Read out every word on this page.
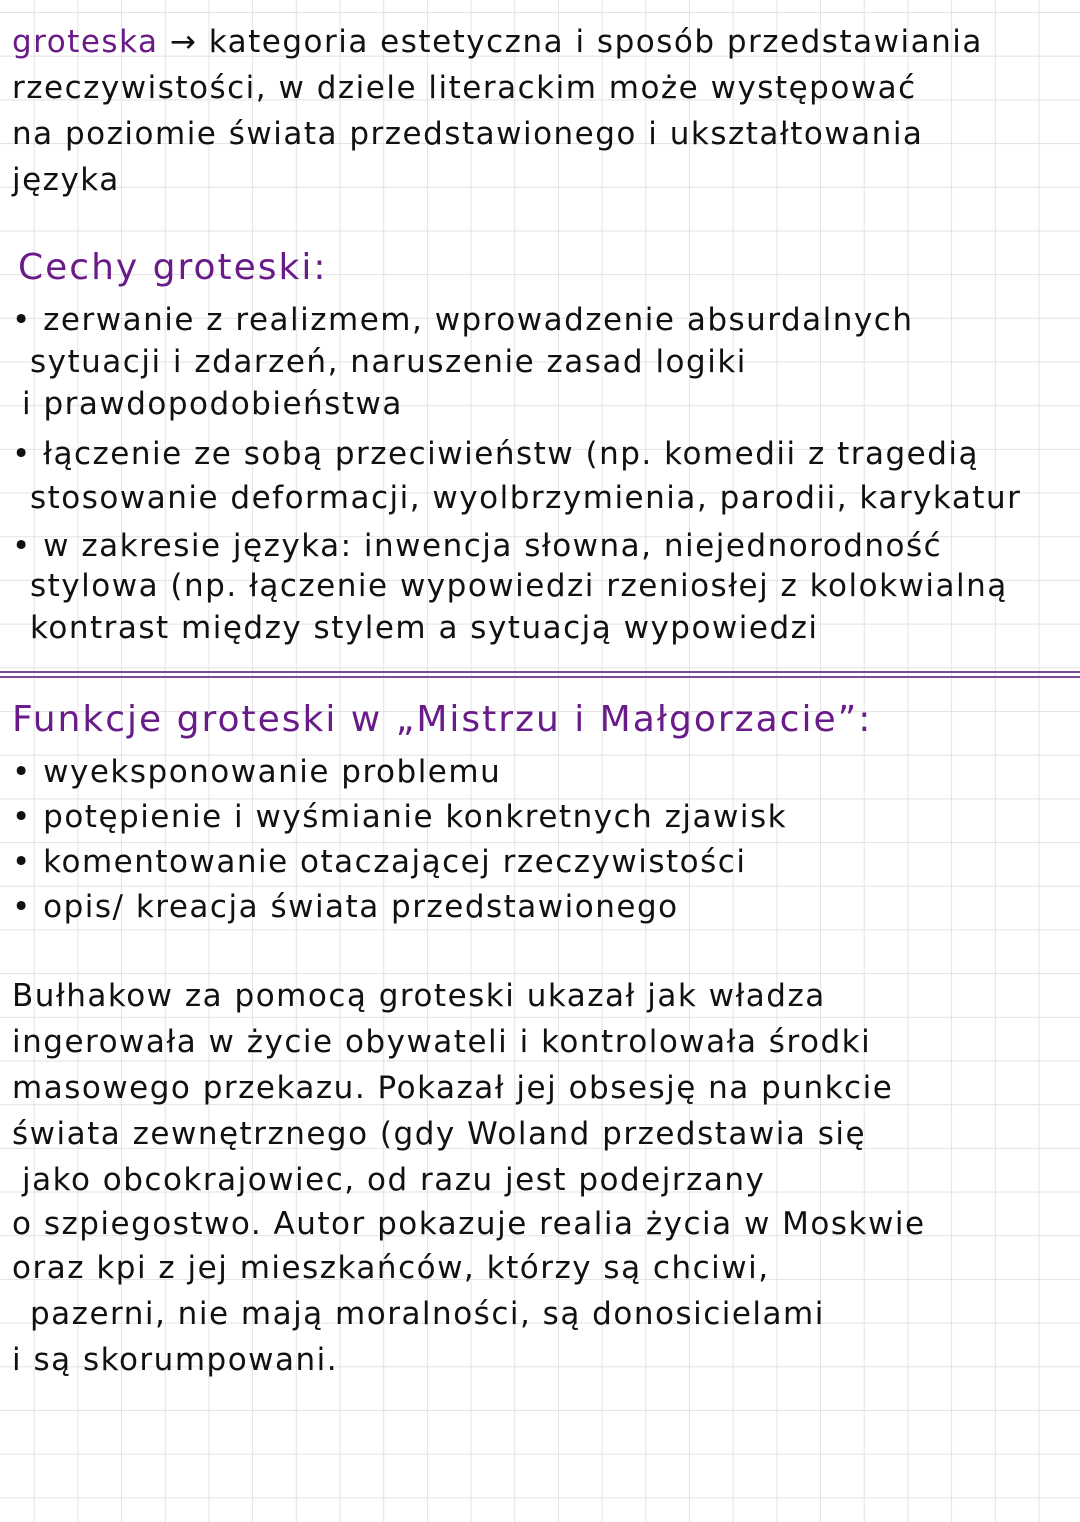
groteska → kategoria estetyczna i sposób przedstawiania
rzeczywistości, w dziele literackim może występować
na poziomie świata przedstawionego i ukształtowania
języka
Cechy groteski:
• zerwanie z realizmem, wprowadzenie absurdalnych
sytuacji i zdarzeń, naruszenie zasad logiki
i prawdopodobieństwa
• łączenie ze sobą przeciwieństw (np. komedii z tragedią
stosowanie deformacji, wyolbrzymienia, parodii, karykatur
• w zakresie języka: inwencja słowna, niejednorodność
stylowa (np. łączenie wypowiedzi rzeniosłej z kolokwialną
kontrast między stylem a sytuacją wypowiedzi
Funkcje groteski w „Mistrzu i Małgorzacie”:
• wyeksponowanie problemu
• potępienie i wyśmianie konkretnych zjawisk
• komentowanie otaczającej rzeczywistości
• opis/ kreacja świata przedstawionego
Bułhakow za pomocą groteski ukazał jak władza
ingerowała w życie obywateli i kontrolowała środki
masowego przekazu. Pokazał jej obsesję na punkcie
świata zewnętrznego (gdy Woland przedstawia się
jako obcokrajowiec, od razu jest podejrzany
o szpiegostwo. Autor pokazuje realia życia w Moskwie
oraz kpi z jej mieszkańców, którzy są chciwi,
pazerni, nie mają moralności, są donosicielami
i są skorumpowani.
